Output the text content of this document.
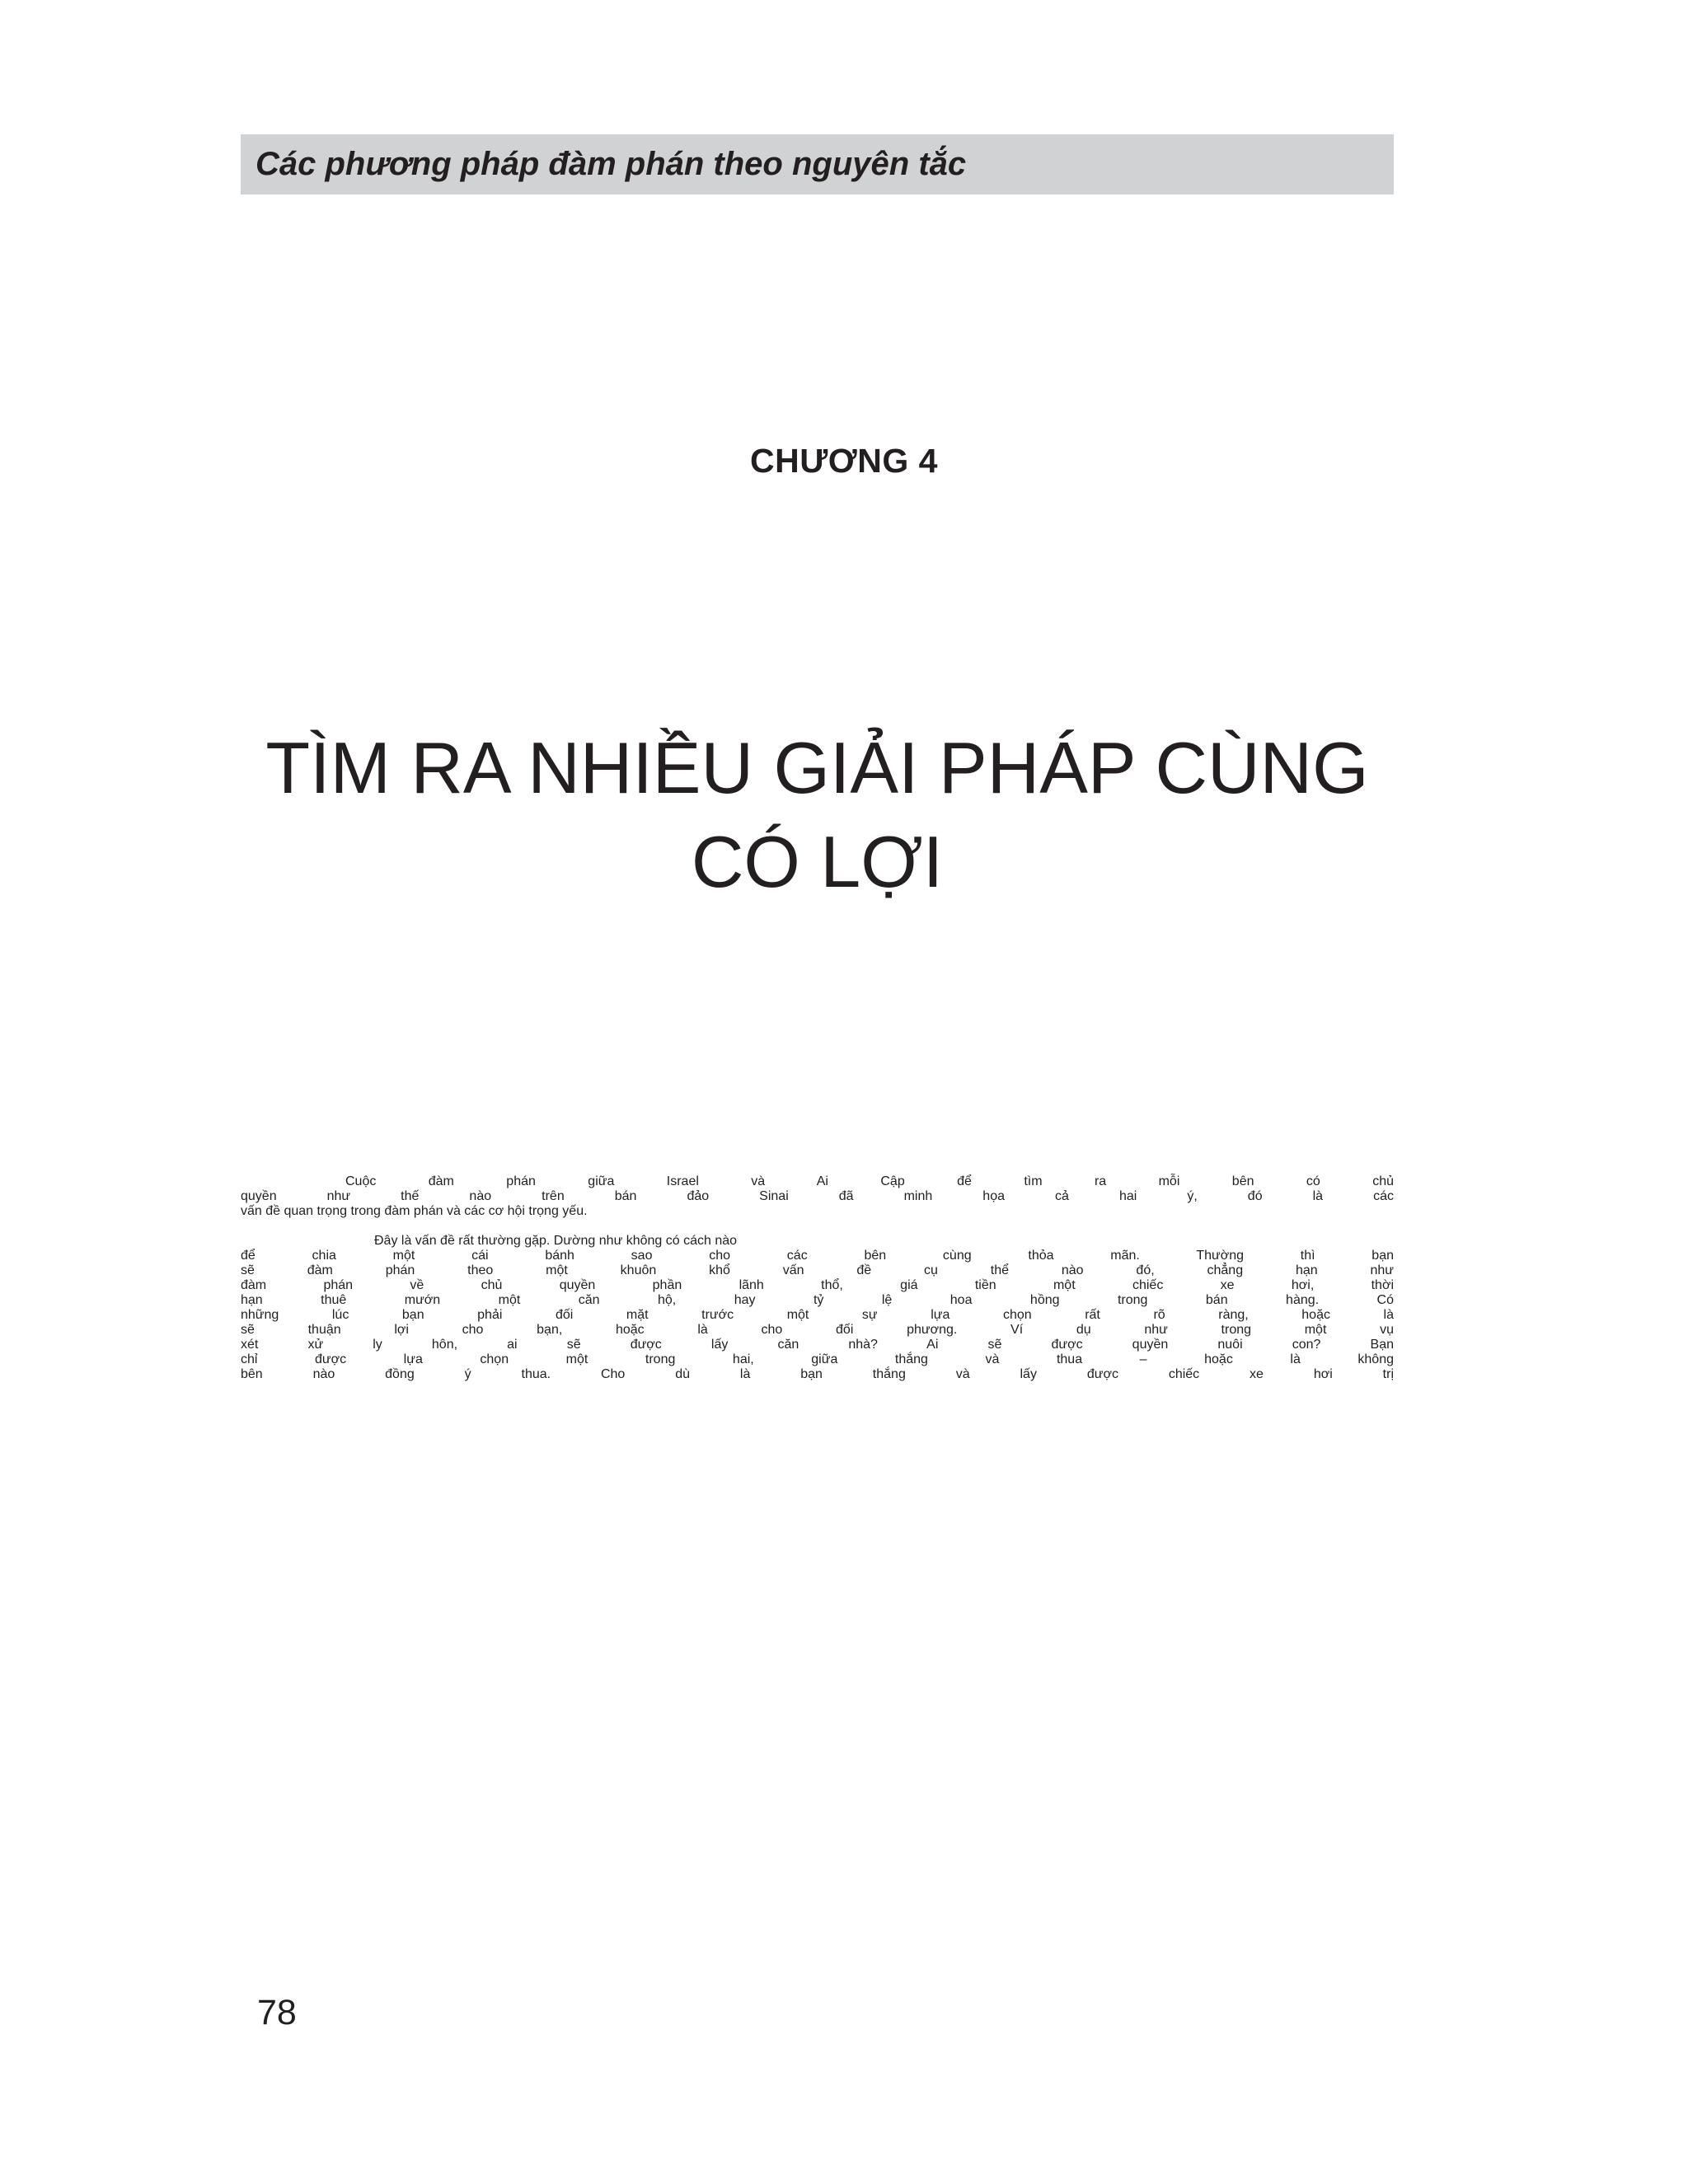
Các phương pháp đàm phán theo nguyên tắc
CHƯƠNG 4
TÌM RA NHIỀU GIẢI PHÁP CÙNG
CÓ LỢI

Cuộc đàm phán giữa Israel và Ai Cập để tìm ra mỗi bên có chủ
quyền như thế nào trên bán đảo Sinai đã minh họa cả hai ý, đó là các
vấn đề quan trọng trong đàm phán và các cơ hội trọng yếu.

Đây là vấn đề rất thường gặp. Dường như không có cách nào
để chia một cái bánh sao cho các bên cùng thỏa mãn. Thường thì bạn
sẽ đàm phán theo một khuôn khổ vấn đề cụ thể nào đó, chẳng hạn như
đàm phán về chủ quyền phần lãnh thổ, giá tiền một chiếc xe hơi, thời
hạn thuê mướn một căn hộ, hay tỷ lệ hoa hồng trong bán hàng. Có
những lúc bạn phải đối mặt trước một sự lựa chọn rất rõ ràng, hoặc là
sẽ thuận lợi cho bạn, hoặc là cho đối phương. Ví dụ như trong một vụ
xét xử ly hôn, ai sẽ được lấy căn nhà? Ai sẽ được quyền nuôi con? Bạn
chỉ được lựa chọn một trong hai, giữa thắng và thua – hoặc là không
bên nào đồng ý thua. Cho dù là bạn thắng và lấy được chiếc xe hơi trị

78
